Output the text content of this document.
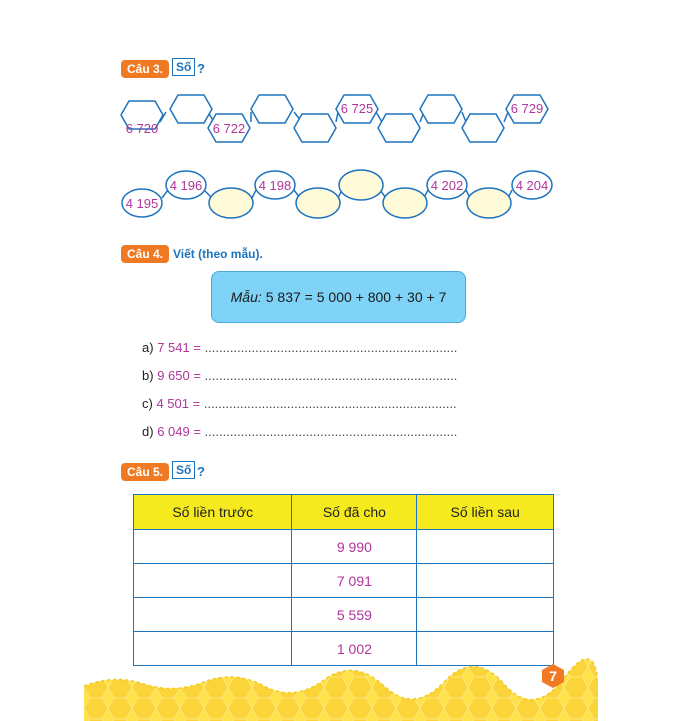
Câu 3.	Số ?
6 720	6 722
6 725	6 729
4 195
4 196	4 198	4 202	4 204
Câu 4. Viết (theo mẫu).
Mẫu: 5 837 = 5 000 + 800 + 30 + 7
a) 7 541 = ......................................................................
b) 9 650 = ......................................................................
c) 4 501 = ......................................................................
d) 6 049 = ......................................................................
Câu 5.	Số ?
Số liền trước	Số đã cho	Số liền sau
	9 990	
	7 091	
	5 559	
	1 002	
7
